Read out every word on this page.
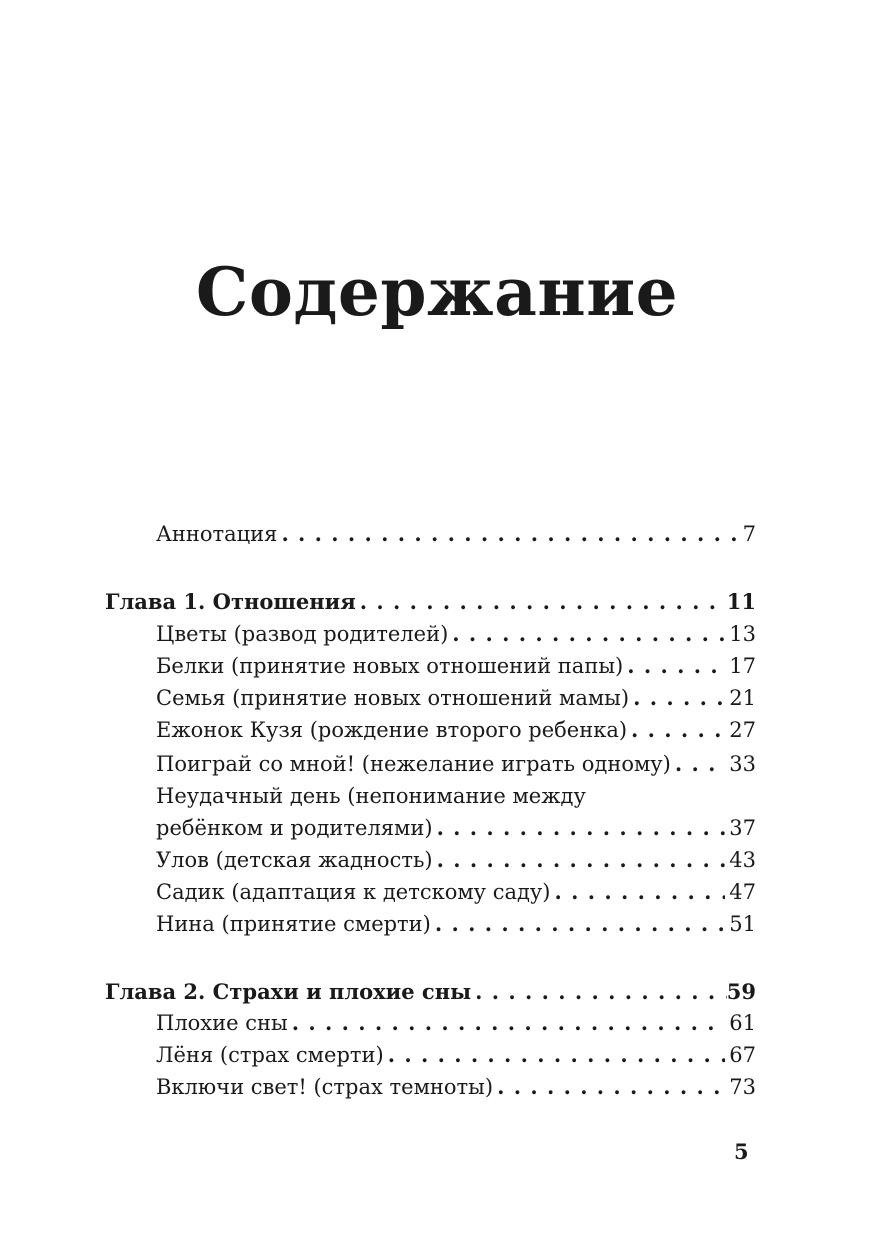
Содержание
Аннотация . . .	7
Глава 1. Отношения . . .	11
Цветы (развод родителей) . . .	13
Белки (принятие новых отношений папы) . . .	17
Семья (принятие новых отношений мамы) . . .	21
Ежонок Кузя (рождение второго ребенка) . . .	27
Поиграй со мной! (нежелание играть одному) . . .	33
Неудачный день (непонимание между
ребёнком и родителями) . . .	37
Улов (детская жадность) . . .	43
Садик (адаптация к детскому саду) . . .	47
Нина (принятие смерти) . . .	51
Глава 2. Страхи и плохие сны . . .	59
Плохие сны . . .	61
Лёня (страх смерти) . . .	67
Включи свет! (страх темноты) . . .	73
5
